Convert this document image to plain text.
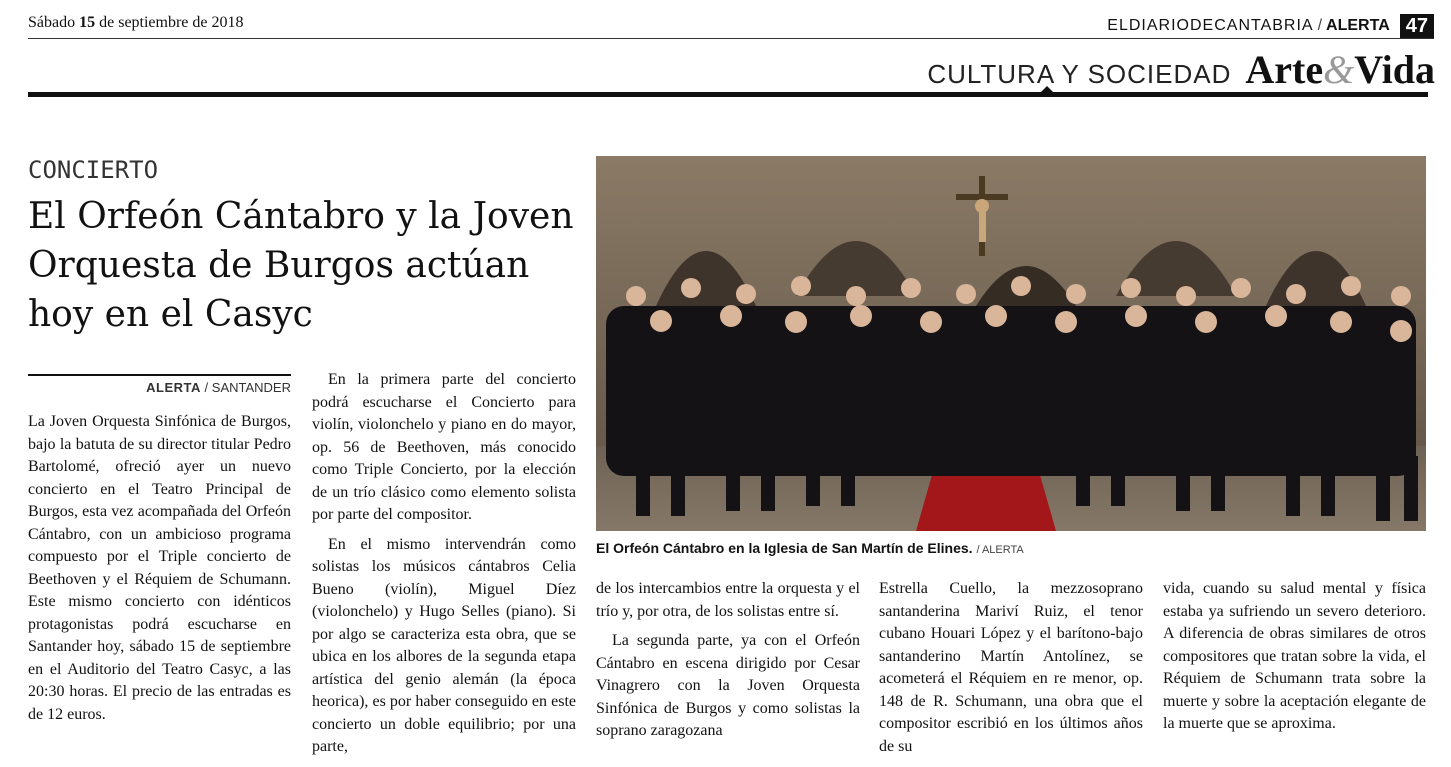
Sábado 15 de septiembre de 2018	ELDIARIODECANTABRIA / ALERTA 47
CULTURA Y SOCIEDAD Arte&Vida
CONCIERTO
El Orfeón Cántabro y la Joven Orquesta de Burgos actúan hoy en el Casyc
ALERTA / SANTANDER

La Joven Orquesta Sinfónica de Burgos, bajo la batuta de su director titular Pedro Bartolomé, ofreció ayer un nuevo concierto en el Teatro Principal de Burgos, esta vez acompañada del Orfeón Cántabro, con un ambicioso programa compuesto por el Triple concierto de Beethoven y el Réquiem de Schumann. Este mismo concierto con idénticos protagonistas podrá escucharse en Santander hoy, sábado 15 de septiembre en el Auditorio del Teatro Casyc, a las 20:30 horas. El precio de las entradas es de 12 euros.

En la primera parte del concierto podrá escucharse el Concierto para violín, violonchelo y piano en do mayor, op. 56 de Beethoven, más conocido como Triple Concierto, por la elección de un trío clásico como elemento solista por parte del compositor.

En el mismo intervendrán como solistas los músicos cántabros Celia Bueno (violín), Miguel Díez (violonchelo) y Hugo Selles (piano). Si por algo se caracteriza esta obra, que se ubica en los albores de la segunda etapa artística del genio alemán (la época heorica), es por haber conseguido en este concierto un doble equilibrio; por una parte,

El Orfeón Cántabro en la Iglesia de San Martín de Elines. / ALERTA

de los intercambios entre la orquesta y el trío y, por otra, de los solistas entre sí.

La segunda parte, ya con el Orfeón Cántabro en escena dirigido por Cesar Vinagrero con la Joven Orquesta Sinfónica de Burgos y como solistas la soprano zaragozana

Estrella Cuello, la mezzosoprano santanderina Mariví Ruiz, el tenor cubano Houari López y el barítono-bajo santanderino Martín Antolínez, se acometerá el Réquiem en re menor, op. 148 de R. Schumann, una obra que el compositor escribió en los últimos años de su

vida, cuando su salud mental y física estaba ya sufriendo un severo deterioro. A diferencia de obras similares de otros compositores que tratan sobre la vida, el Réquiem de Schumann trata sobre la muerte y sobre la aceptación elegante de la muerte que se aproxima.
